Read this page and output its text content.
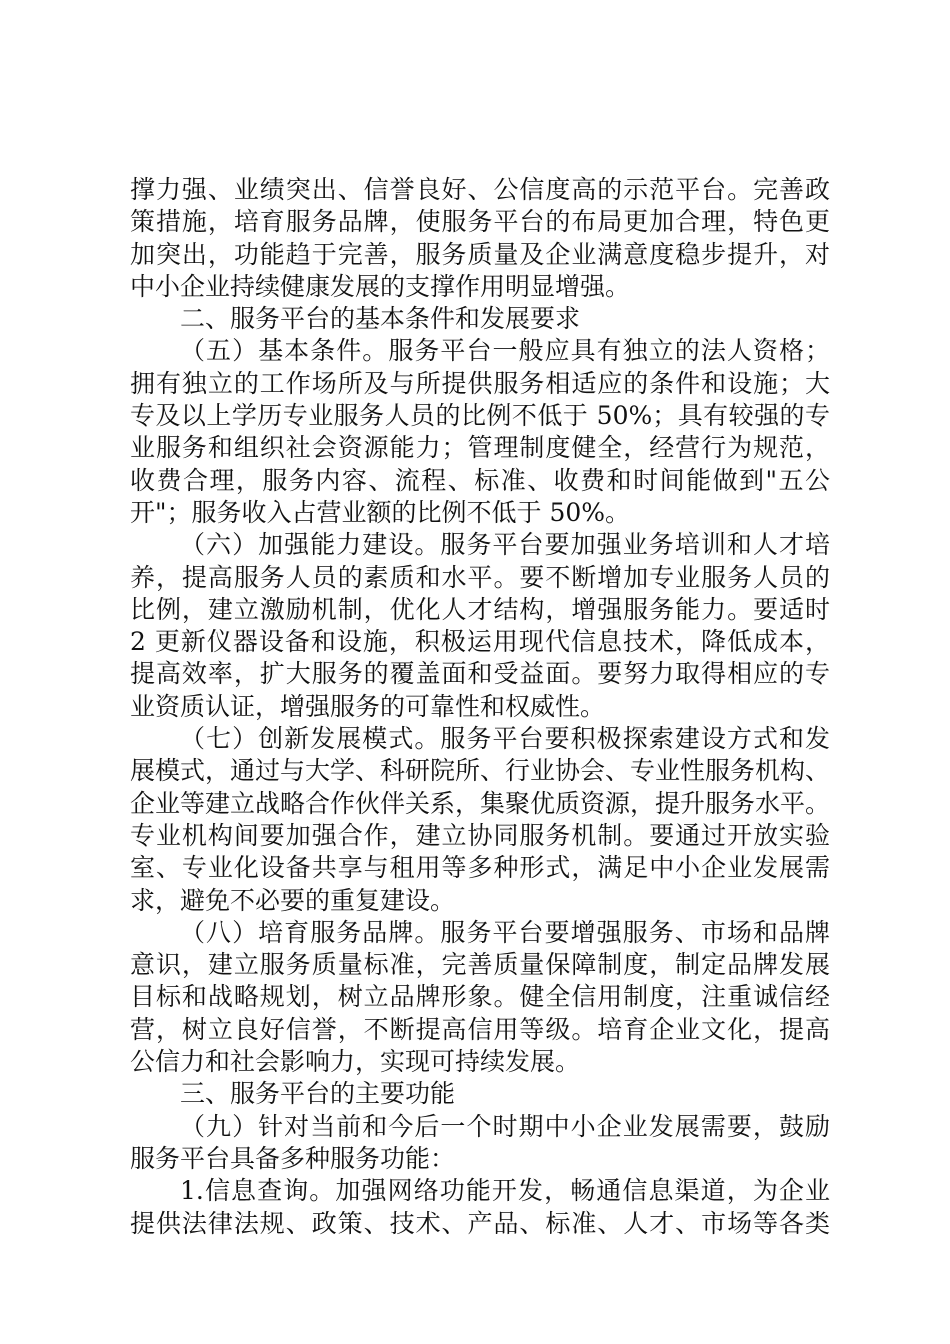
撑力强、业绩突出、信誉良好、公信度高的示范平台。完善政
策措施，培育服务品牌，使服务平台的布局更加合理，特色更
加突出，功能趋于完善，服务质量及企业满意度稳步提升，对
中小企业持续健康发展的支撑作用明显增强。
二、服务平台的基本条件和发展要求
（五）基本条件。服务平台一般应具有独立的法人资格；
拥有独立的工作场所及与所提供服务相适应的条件和设施；大
专及以上学历专业服务人员的比例不低于 50%；具有较强的专
业服务和组织社会资源能力；管理制度健全，经营行为规范，
收费合理，服务内容、流程、标准、收费和时间能做到"五公
开"；服务收入占营业额的比例不低于 50%。
（六）加强能力建设。服务平台要加强业务培训和人才培
养，提高服务人员的素质和水平。要不断增加专业服务人员的
比例，建立激励机制，优化人才结构，增强服务能力。要适时
2 更新仪器设备和设施，积极运用现代信息技术，降低成本，
提高效率，扩大服务的覆盖面和受益面。要努力取得相应的专
业资质认证，增强服务的可靠性和权威性。
（七）创新发展模式。服务平台要积极探索建设方式和发
展模式，通过与大学、科研院所、行业协会、专业性服务机构、
企业等建立战略合作伙伴关系，集聚优质资源，提升服务水平。
专业机构间要加强合作，建立协同服务机制。要通过开放实验
室、专业化设备共享与租用等多种形式，满足中小企业发展需
求，避免不必要的重复建设。
（八）培育服务品牌。服务平台要增强服务、市场和品牌
意识，建立服务质量标准，完善质量保障制度，制定品牌发展
目标和战略规划，树立品牌形象。健全信用制度，注重诚信经
营，树立良好信誉，不断提高信用等级。培育企业文化，提高
公信力和社会影响力，实现可持续发展。
三、服务平台的主要功能
（九）针对当前和今后一个时期中小企业发展需要，鼓励
服务平台具备多种服务功能：
1.信息查询。加强网络功能开发，畅通信息渠道，为企业
提供法律法规、政策、技术、产品、标准、人才、市场等各类
